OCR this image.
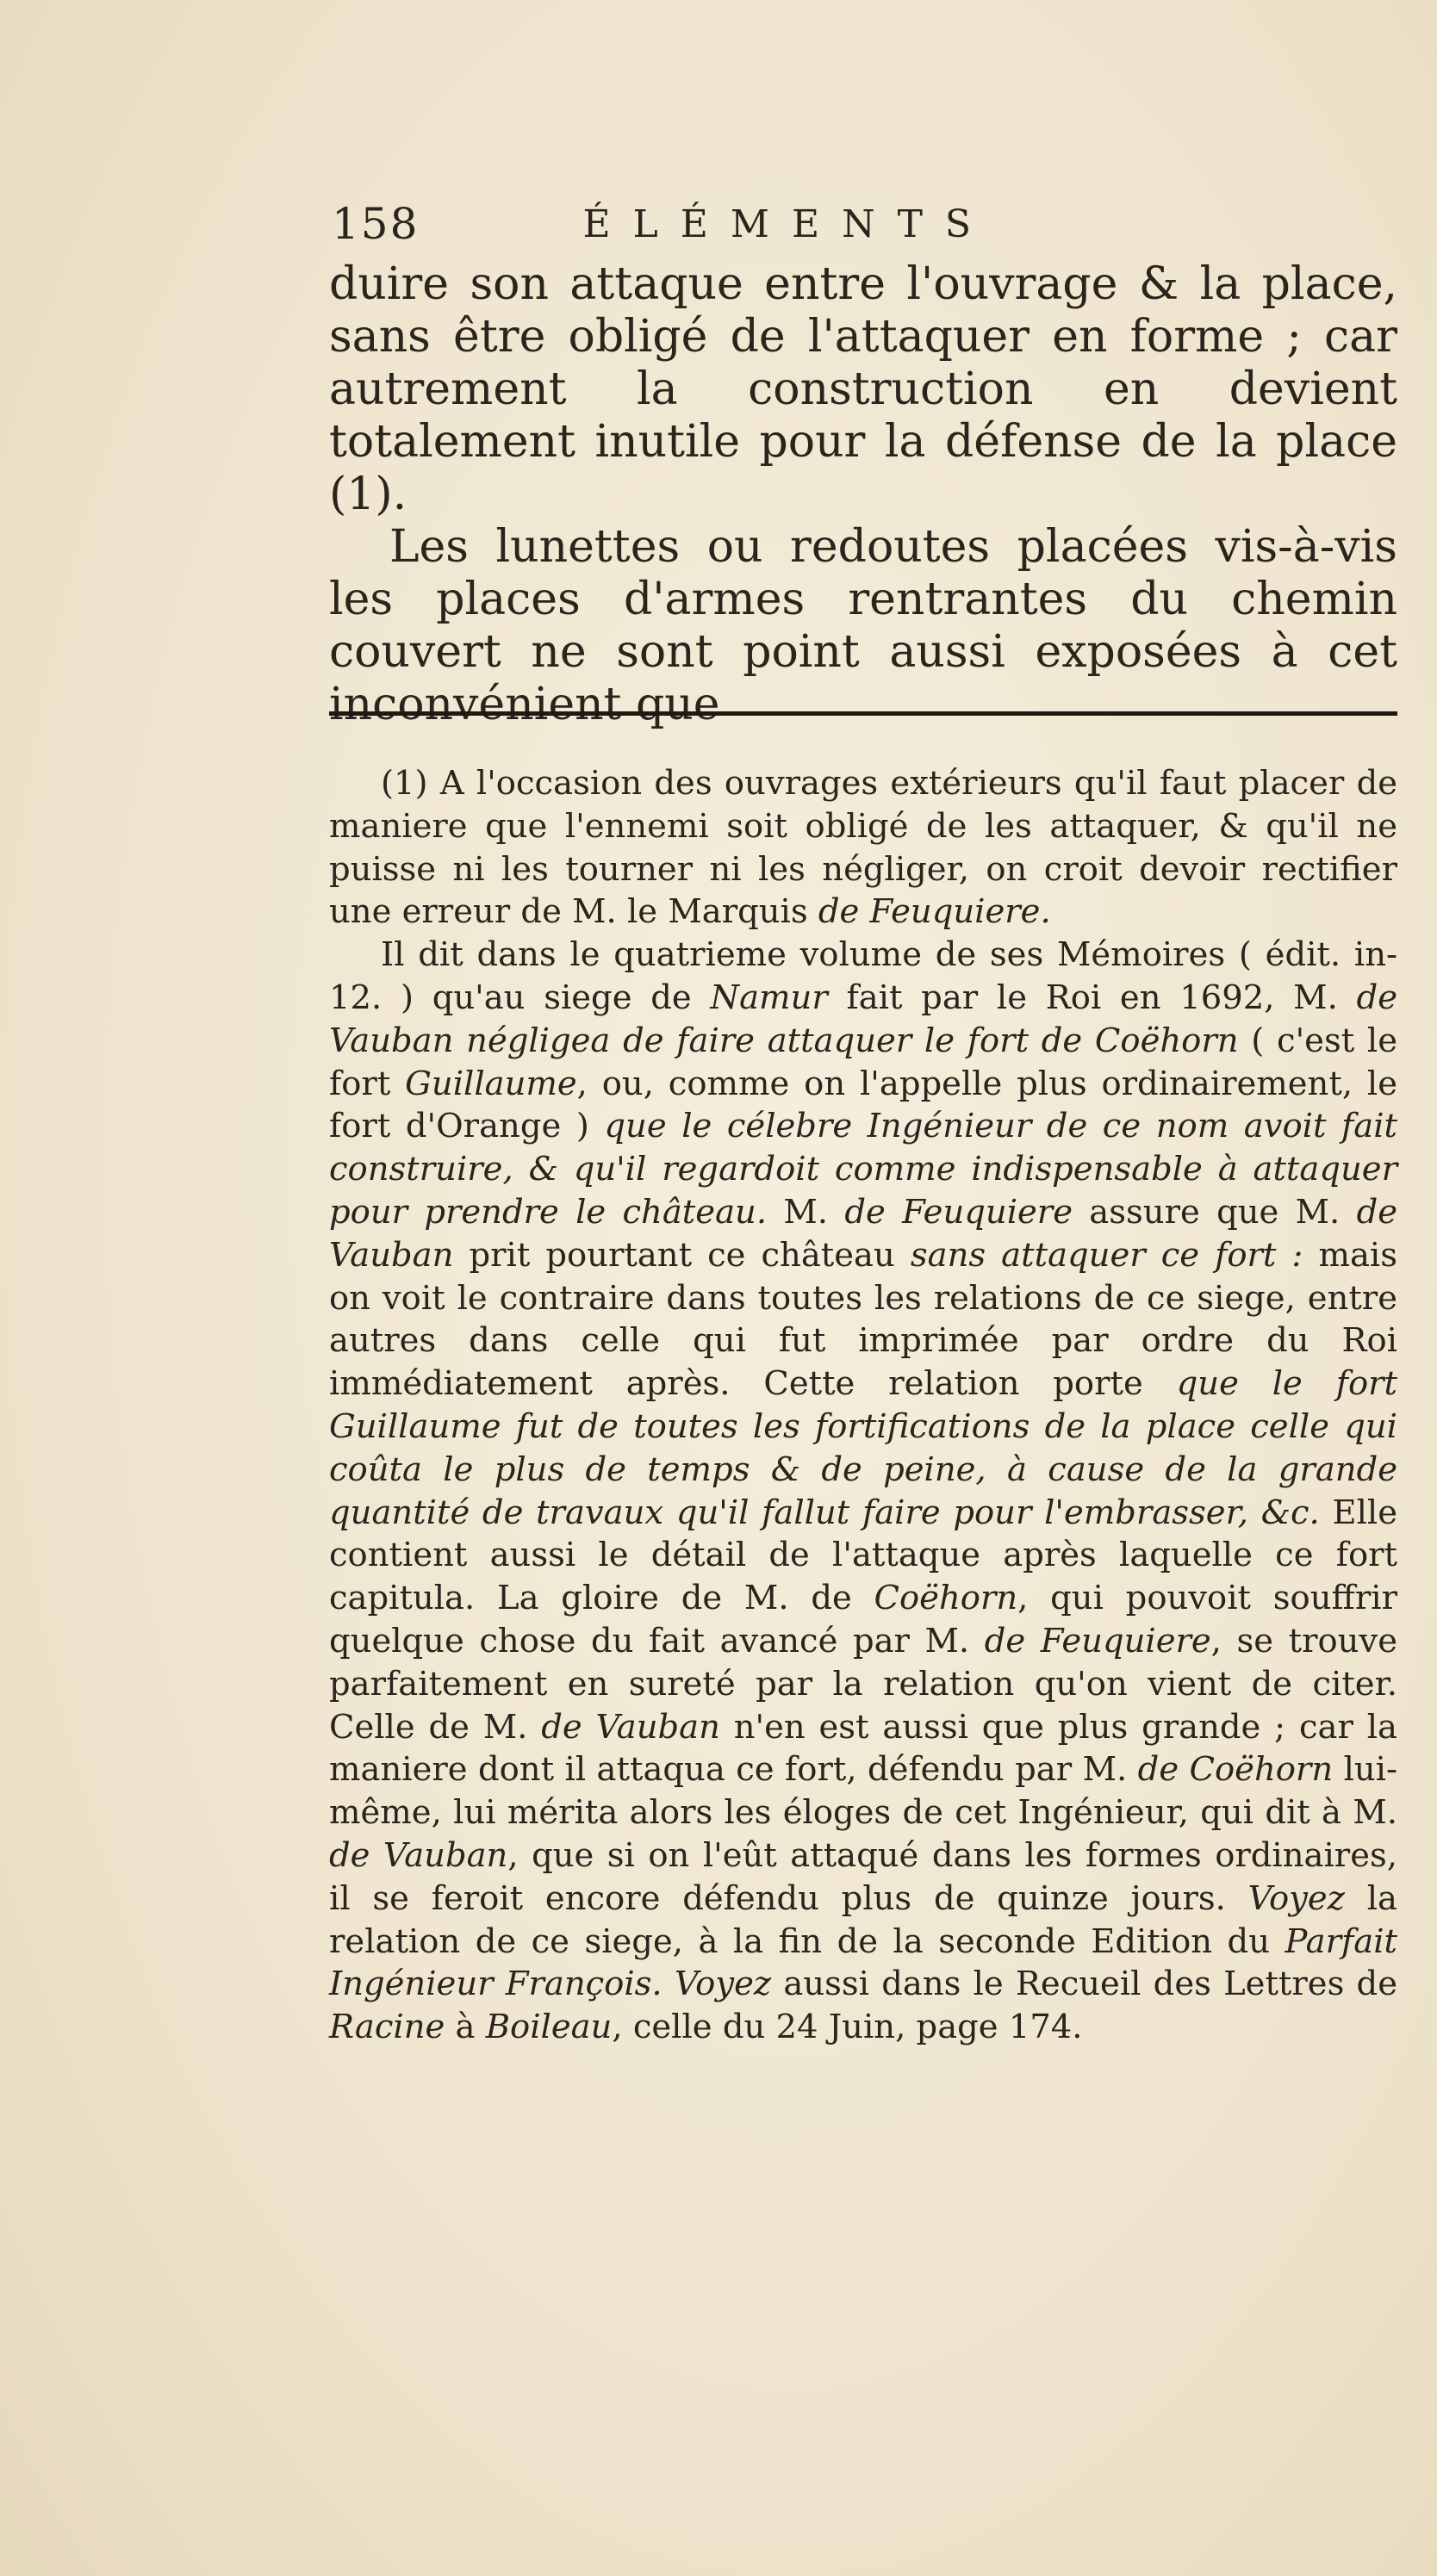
158	ÉLÉMENTS

duire son attaque entre l'ouvrage & la place, sans être obligé de l'attaquer en forme ; car autrement la construction en devient totalement inutile pour la défense de la place (1).

Les lunettes ou redoutes placées vis-à-vis les places d'armes rentrantes du chemin couvert ne sont point aussi exposées à cet inconvénient que

(1) A l'occasion des ouvrages extérieurs qu'il faut placer de maniere que l'ennemi soit obligé de les attaquer, & qu'il ne puisse ni les tourner ni les négliger, on croit devoir rectifier une erreur de M. le Marquis de Feuquiere.

Il dit dans le quatrieme volume de ses Mémoires ( édit. in-12. ) qu'au siege de Namur fait par le Roi en 1692, M. de Vauban négligea de faire attaquer le fort de Coëhorn ( c'est le fort Guillaume, ou, comme on l'appelle plus ordinairement, le fort d'Orange ) que le célebre Ingénieur de ce nom avoit fait construire, & qu'il regardoit comme indispensable à attaquer pour prendre le château. M. de Feuquiere assure que M. de Vauban prit pourtant ce château sans attaquer ce fort : mais on voit le contraire dans toutes les relations de ce siege, entre autres dans celle qui fut imprimée par ordre du Roi immédiatement après. Cette relation porte que le fort Guillaume fut de toutes les fortifications de la place celle qui coûta le plus de temps & de peine, à cause de la grande quantité de travaux qu'il fallut faire pour l'embrasser, &c. Elle contient aussi le détail de l'attaque après laquelle ce fort capitula. La gloire de M. de Coëhorn, qui pouvoit souffrir quelque chose du fait avancé par M. de Feuquiere, se trouve parfaitement en sureté par la relation qu'on vient de citer. Celle de M. de Vauban n'en est aussi que plus grande ; car la maniere dont il attaqua ce fort, défendu par M. de Coëhorn lui-même, lui mérita alors les éloges de cet Ingénieur, qui dit à M. de Vauban, que si on l'eût attaqué dans les formes ordinaires, il se feroit encore défendu plus de quinze jours. Voyez la relation de ce siege, à la fin de la seconde Edition du Parfait Ingénieur François. Voyez aussi dans le Recueil des Lettres de Racine à Boileau, celle du 24 Juin, page 174.
